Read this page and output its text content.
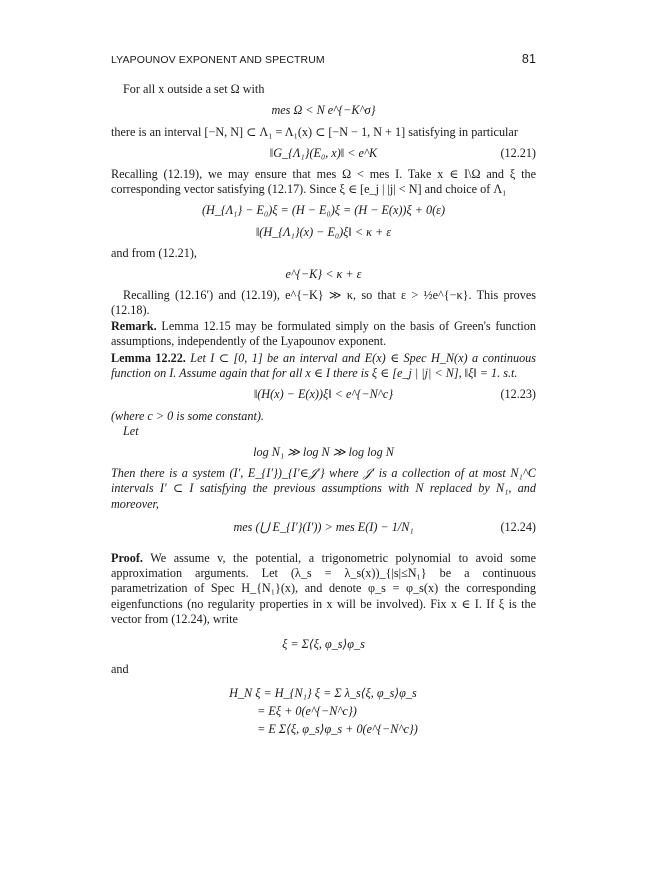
LYAPOUNOV EXPONENT AND SPECTRUM	81

For all x outside a set Ω with

mes Ω < N e^{−K^σ}

there is an interval [−N, N] ⊂ Λ₁ = Λ₁(x) ⊂ [−N − 1, N + 1] satisfying in particular

‖G_{Λ₁}(E₀, x)‖ < e^K	(12.21)

Recalling (12.19), we may ensure that mes Ω < mes I. Take x ∈ I\Ω and ξ the corresponding vector satisfying (12.17). Since ξ ∈ [e_j | |j| < N] and choice of Λ₁

(H_{Λ₁} − E₀)ξ = (H − E₀)ξ = (H − E(x))ξ + 0(ε)
‖(H_{Λ₁}(x) − E₀)ξ‖ < κ + ε

and from (12.21),

e^{−K} < κ + ε

Recalling (12.16′) and (12.19), e^{−K} ≫ κ, so that ε > ½e^{−κ}. This proves (12.18).

Remark. Lemma 12.15 may be formulated simply on the basis of Green's function assumptions, independently of the Lyapounov exponent.

Lemma 12.22. Let I ⊂ [0, 1] be an interval and E(x) ∈ Spec H_N(x) a continuous function on I. Assume again that for all x ∈ I there is ξ ∈ [e_j | |j| < N], ‖ξ‖ = 1. s.t.

‖(H(x) − E(x))ξ‖ < e^{−N^c}	(12.23)

(where c > 0 is some constant).

Let

log N₁ ≫ log N ≫ log log N

Then there is a system (I′, E_{I′})_{I′∈𝒥′} where 𝒥′ is a collection of at most N₁^C intervals I′ ⊂ I satisfying the previous assumptions with N replaced by N₁, and moreover,

mes (⋃ E_{I′}(I′)) > mes E(I) − 1/N₁	(12.24)

Proof. We assume v, the potential, a trigonometric polynomial to avoid some approximation arguments. Let (λ_s = λ_s(x))_{|s|≤N₁} be a continuous parametrization of Spec H_{N₁}(x), and denote φ_s = φ_s(x) the corresponding eigenfunctions (no regularity properties in x will be involved). Fix x ∈ I. If ξ is the vector from (12.24), write

ξ = Σ⟨ξ, φ_s⟩φ_s

and

H_N ξ = H_{N₁} ξ = Σ λ_s⟨ξ, φ_s⟩φ_s
= Eξ + 0(e^{−N^c})
= E Σ⟨ξ, φ_s⟩φ_s + 0(e^{−N^c})
